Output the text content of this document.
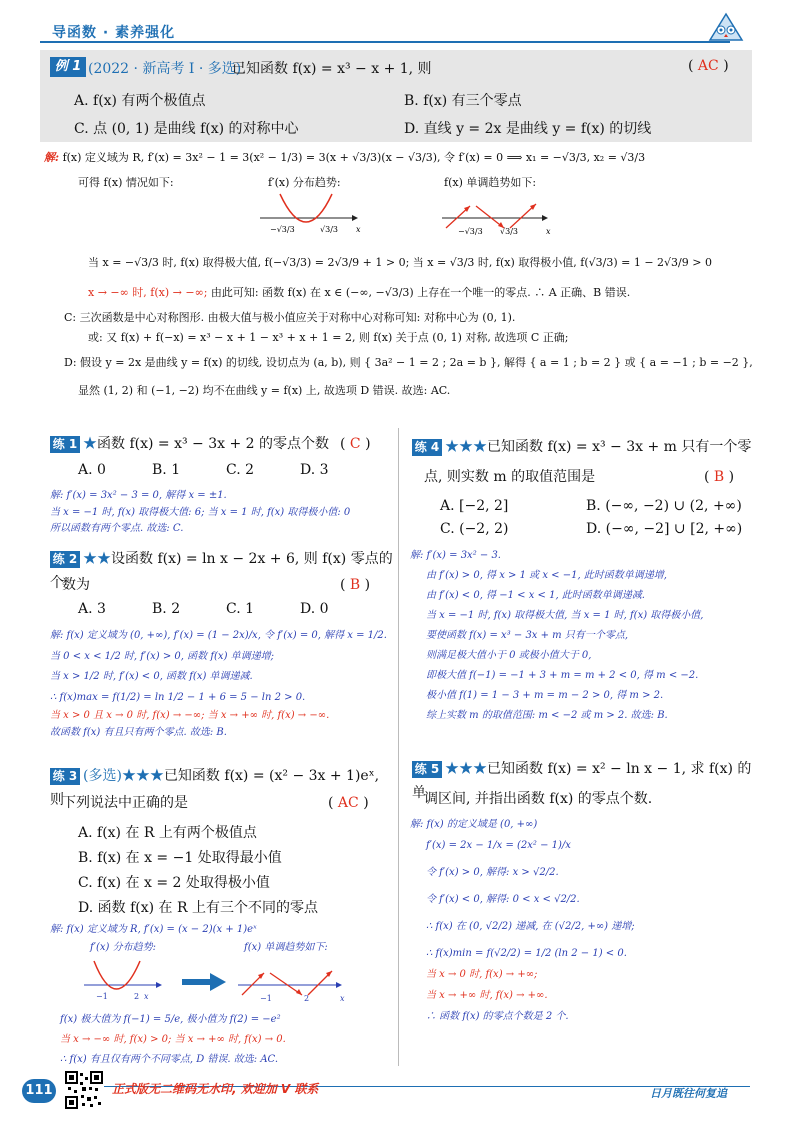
导函数 · 素养强化
例 1 (2022 · 新高考 I · 多选)
已知函数 f(x) = x³ − x + 1, 则	( AC )
A. f(x) 有两个极值点	B. f(x) 有三个零点
C. 点 (0, 1) 是曲线 f(x) 的对称中心	D. 直线 y = 2x 是曲线 y = f(x) 的切线
解: f(x) 定义域为 R, f′(x) = 3x² − 1 = 3(x² − 1/3) = 3(x + √3/3)(x − √3/3), 令 f′(x) = 0 ⟹ x₁ = −√3/3, x₂ = √3/3
可得 f(x) 情况如下:	f′(x) 分布趋势:	f(x) 单调趋势如下:
−√3/3	√3/3 x	−√3/3 √3/3	x
当 x = −√3/3 时, f(x) 取得极大值, f(−√3/3) = 2√3/9 + 1 > 0; 当 x = √3/3 时, f(x) 取得极小值, f(√3/3) = 1 − 2√3/9 > 0
x → −∞ 时, f(x) → −∞; 由此可知: 函数 f(x) 在 x ∈ (−∞, −√3/3) 上存在一个唯一的零点. ∴ A 正确、B 错误.
C: 三次函数是中心对称图形. 由极大值与极小值应关于对称中心对称可知: 对称中心为 (0, 1).
或: 又 f(x) + f(−x) = x³ − x + 1 − x³ + x + 1 = 2, 则 f(x) 关于点 (0, 1) 对称, 故选项 C 正确;
D: 假设 y = 2x 是曲线 y = f(x) 的切线, 设切点为 (a, b), 则 { 3a² − 1 = 2 ; 2a = b }, 解得 { a = 1 ; b = 2 } 或 { a = −1 ; b = −2 },
显然 (1, 2) 和 (−1, −2) 均不在曲线 y = f(x) 上, 故选项 D 错误. 故选: AC.
练 1 ★函数 f(x) = x³ − 3x + 2 的零点个数 ( C )
A. 0	B. 1	C. 2	D. 3
解: f′(x) = 3x² − 3 = 0, 解得 x = ±1.
当 x = −1 时, f(x) 取得极大值: 6; 当 x = 1 时, f(x) 取得极小值: 0
所以函数有两个零点. 故选: C.
练 2 ★★设函数 f(x) = ln x − 2x + 6, 则 f(x) 零点的个
数为	( B )
A. 3	B. 2	C. 1	D. 0
解: f(x) 定义域为 (0, +∞), f′(x) = (1 − 2x)/x, 令 f′(x) = 0, 解得 x = 1/2.
当 0 < x < 1/2 时, f′(x) > 0, 函数 f(x) 单调递增;
当 x > 1/2 时, f′(x) < 0, 函数 f(x) 单调递减.
∴ f(x)max = f(1/2) = ln 1/2 − 1 + 6 = 5 − ln 2 > 0.
当 x > 0 且 x → 0 时, f(x) → −∞; 当 x → +∞ 时, f(x) → −∞.
故函数 f(x) 有且只有两个零点. 故选: B.
练 3 (多选)★★★已知函数 f(x) = (x² − 3x + 1)eˣ, 则
下列说法中正确的是	( AC )
A. f(x) 在 R 上有两个极值点
B. f(x) 在 x = −1 处取得最小值
C. f(x) 在 x = 2 处取得极小值
D. 函数 f(x) 在 R 上有三个不同的零点
解: f(x) 定义域为 R, f′(x) = (x − 2)(x + 1)eˣ
f′(x) 分布趋势:	f(x) 单调趋势如下:
−1	2 x	−1	2	x
f(x) 极大值为 f(−1) = 5/e, 极小值为 f(2) = −e²
当 x → −∞ 时, f(x) > 0; 当 x → +∞ 时, f(x) → 0.
∴ f(x) 有且仅有两个不同零点, D 错误. 故选: AC.
练 4 ★★★已知函数 f(x) = x³ − 3x + m 只有一个零
点, 则实数 m 的取值范围是	( B )
A. [−2, 2]	B. (−∞, −2) ∪ (2, +∞)
C. (−2, 2)	D. (−∞, −2] ∪ [2, +∞)
解: f′(x) = 3x² − 3.
由 f′(x) > 0, 得 x > 1 或 x < −1, 此时函数单调递增,
由 f′(x) < 0, 得 −1 < x < 1, 此时函数单调递减.
当 x = −1 时, f(x) 取得极大值, 当 x = 1 时, f(x) 取得极小值,
要使函数 f(x) = x³ − 3x + m 只有一个零点,
则满足极大值小于 0 或极小值大于 0,
即极大值 f(−1) = −1 + 3 + m = m + 2 < 0, 得 m < −2.
极小值 f(1) = 1 − 3 + m = m − 2 > 0, 得 m > 2.
综上实数 m 的取值范围: m < −2 或 m > 2. 故选: B.
练 5 ★★★已知函数 f(x) = x² − ln x − 1, 求 f(x) 的单
调区间, 并指出函数 f(x) 的零点个数.
解: f(x) 的定义域是 (0, +∞)
f′(x) = 2x − 1/x = (2x² − 1)/x
令 f′(x) > 0, 解得: x > √2/2.
令 f′(x) < 0, 解得: 0 < x < √2/2.
∴ f(x) 在 (0, √2/2) 递减, 在 (√2/2, +∞) 递增;
∴ f(x)min = f(√2/2) = 1/2 (ln 2 − 1) < 0.
当 x → 0 时, f(x) → +∞;
当 x → +∞ 时, f(x) → +∞.
∴ 函数 f(x) 的零点个数是 2 个.
111	正式版无二维码无水印, 欢迎加 V 联系	日月既往何复追
